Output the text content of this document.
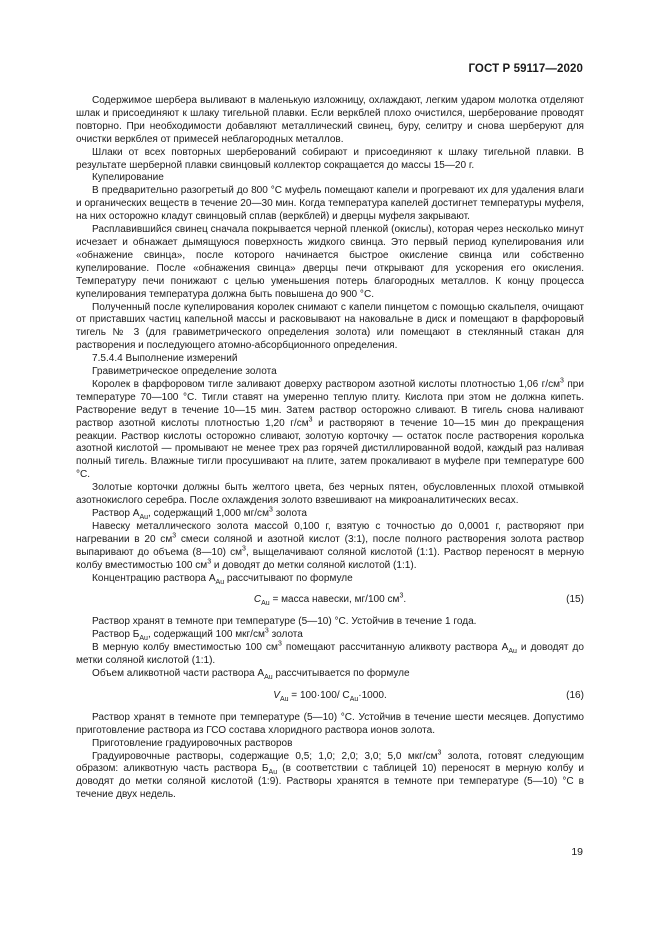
ГОСТ Р 59117—2020

Содержимое шербера выливают в маленькую изложницу, охлаждают, легким ударом молотка отделяют шлак и присоединяют к шлаку тигельной плавки. Если веркблей плохо очистился, шерберование проводят повторно. При необходимости добавляют металлический свинец, буру, селитру и снова шерберуют для очистки веркблея от примесей неблагородных металлов.

Шлаки от всех повторных шерберований собирают и присоединяют к шлаку тигельной плавки. В результате шерберной плавки свинцовый коллектор сокращается до массы 15—20 г.

Купелирование

В предварительно разогретый до 800 °С муфель помещают капели и прогревают их для удаления влаги и органических веществ в течение 20—30 мин. Когда температура капелей достигнет температуры муфеля, на них осторожно кладут свинцовый сплав (веркблей) и дверцы муфеля закрывают.

Расплавившийся свинец сначала покрывается черной пленкой (окислы), которая через несколько минут исчезает и обнажает дымящуюся поверхность жидкого свинца. Это первый период купелирования или «обнажение свинца», после которого начинается быстрое окисление свинца или собственно купелирование. После «обнажения свинца» дверцы печи открывают для ускорения его окисления. Температуру печи понижают с целью уменьшения потерь благородных металлов. К концу процесса купелирования температура должна быть повышена до 900 °С.

Полученный после купелирования королек снимают с капели пинцетом с помощью скальпеля, очищают от приставших частиц капельной массы и расковывают на наковальне в диск и помещают в фарфоровый тигель № 3 (для гравиметрического определения золота) или помещают в стеклянный стакан для растворения и последующего атомно-абсорбционного определения.

7.5.4.4 Выполнение измерений

Гравиметрическое определение золота

Королек в фарфоровом тигле заливают доверху раствором азотной кислоты плотностью 1,06 $г/см^3$ при температуре 70—100 °С. Тигли ставят на умеренно теплую плиту. Кислота при этом не должна кипеть. Растворение ведут в течение 10—15 мин. Затем раствор осторожно сливают. В тигель снова наливают раствор азотной кислоты плотностью 1,20 $г/см^3$ и растворяют в течение 10—15 мин до прекращения реакции. Раствор кислоты осторожно сливают, золотую корточку — остаток после растворения королька азотной кислотой — промывают не менее трех раз горячей дистиллированной водой, каждый раз наливая полный тигель. Влажные тигли просушивают на плите, затем прокаливают в муфеле при температуре 600 °С.

Золотые корточки должны быть желтого цвета, без черных пятен, обусловленных плохой отмывкой азотнокислого серебра. После охлаждения золото взвешивают на микроаналитических весах.

Раствор $А_{Au}$, содержащий 1,000 $мг/см^3$ золота

Навеску металлического золота массой 0,100 г, взятую с точностью до 0,0001 г, растворяют при нагревании в 20 $см^3$ смеси соляной и азотной кислот (3:1), после полного растворения золота раствор выпаривают до объема (8—10) $см^3$, выщелачивают соляной кислотой (1:1). Раствор переносят в мерную колбу вместимостью 100 $см^3$ и доводят до метки соляной кислотой (1:1).

Концентрацию раствора $А_{Au}$ рассчитывают по формуле

$C_{Au}$ = масса навески, мг/100 $см^3$.	(15)

Раствор хранят в темноте при температуре (5—10) °С. Устойчив в течение 1 года.

Раствор $Б_{Au}$, содержащий 100 мкг/$см^3$ золота

В мерную колбу вместимостью 100 $см^3$ помещают рассчитанную аликвоту раствора $А_{Au}$ и доводят до метки соляной кислотой (1:1).

Объем аликвотной части раствора $А_{Au}$ рассчитывается по формуле

$V_{Au} = 100\cdot 100/$ $C_{Au}\cdot 1000$.	(16)

Раствор хранят в темноте при температуре (5—10) °С. Устойчив в течение шести месяцев. Допустимо приготовление раствора из ГСО состава хлоридного раствора ионов золота.

Приготовление градуировочных растворов

Градуировочные растворы, содержащие 0,5; 1,0; 2,0; 3,0; 5,0 мкг/$см^3$ золота, готовят следующим образом: аликвотную часть раствора $Б_{Au}$ (в соответствии с таблицей 10) переносят в мерную колбу и доводят до метки соляной кислотой (1:9). Растворы хранятся в темноте при температуре (5—10) °С в течение двух недель.

19
